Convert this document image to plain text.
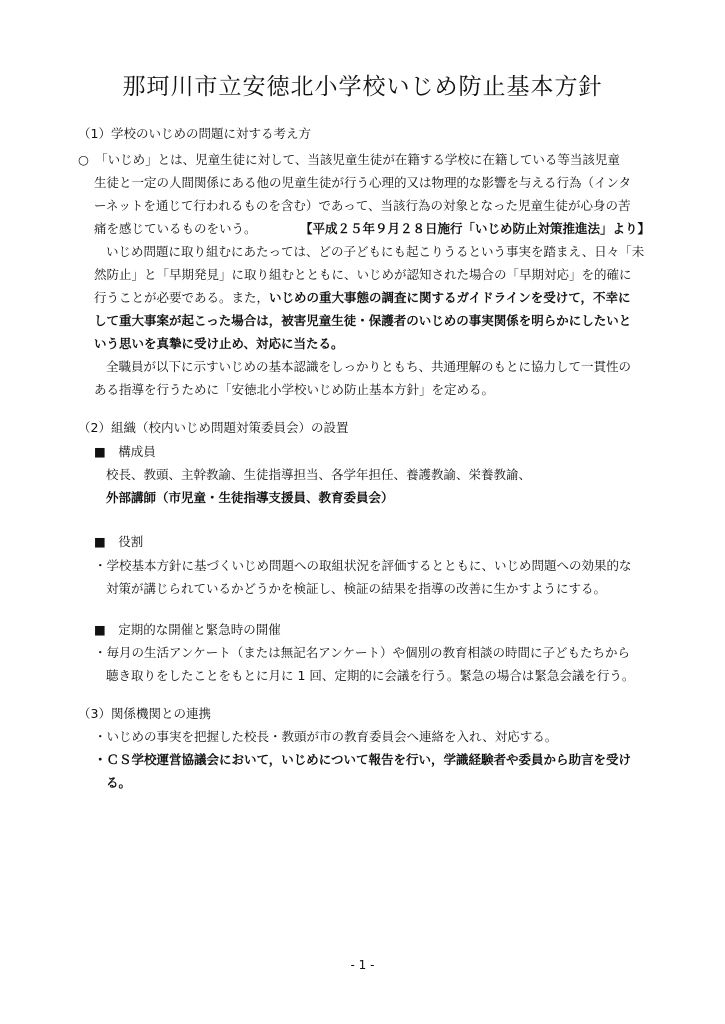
那珂川市立安徳北小学校いじめ防止基本方針
（1）学校のいじめの問題に対する考え方
○　「いじめ」とは、児童生徒に対して、当該児童生徒が在籍する学校に在籍している等当該児童
生徒と一定の人間関係にある他の児童生徒が行う心理的又は物理的な影響を与える行為（インタ
ーネットを通じて行われるものを含む）であって、当該行為の対象となった児童生徒が心身の苦
痛を感じているものをいう。	【平成２５年９月２８日施行「いじめ防止対策推進法」より】
いじめ問題に取り組むにあたっては、どの子どもにも起こりうるという事実を踏まえ、日々「未
然防止」と「早期発見」に取り組むとともに、いじめが認知された場合の「早期対応」を的確に
行うことが必要である。また，いじめの重大事態の調査に関するガイドラインを受けて，不幸に
して重大事案が起こった場合は，被害児童生徒・保護者のいじめの事実関係を明らかにしたいと
いう思いを真摯に受け止め、対応に当たる。
全職員が以下に示すいじめの基本認識をしっかりともち、共通理解のもとに協力して一貫性の
ある指導を行うために「安徳北小学校いじめ防止基本方針」を定める。
（2）組織（校内いじめ問題対策委員会）の設置
■　構成員
校長、教頭、主幹教諭、生徒指導担当、各学年担任、養護教諭、栄養教諭、
外部講師（市児童・生徒指導支援員、教育委員会）
■　役割
・学校基本方針に基づくいじめ問題への取組状況を評価するとともに、いじめ問題への効果的な
対策が講じられているかどうかを検証し、検証の結果を指導の改善に生かすようにする。
■　定期的な開催と緊急時の開催
・毎月の生活アンケート（または無記名アンケート）や個別の教育相談の時間に子どもたちから
聴き取りをしたことをもとに月に 1 回、定期的に会議を行う。緊急の場合は緊急会議を行う。
（3）関係機関との連携
・いじめの事実を把握した校長・教頭が市の教育委員会へ連絡を入れ、対応する。
・ＣＳ学校運営協議会において，いじめについて報告を行い，学識経験者や委員から助言を受け
る。
- 1 -
